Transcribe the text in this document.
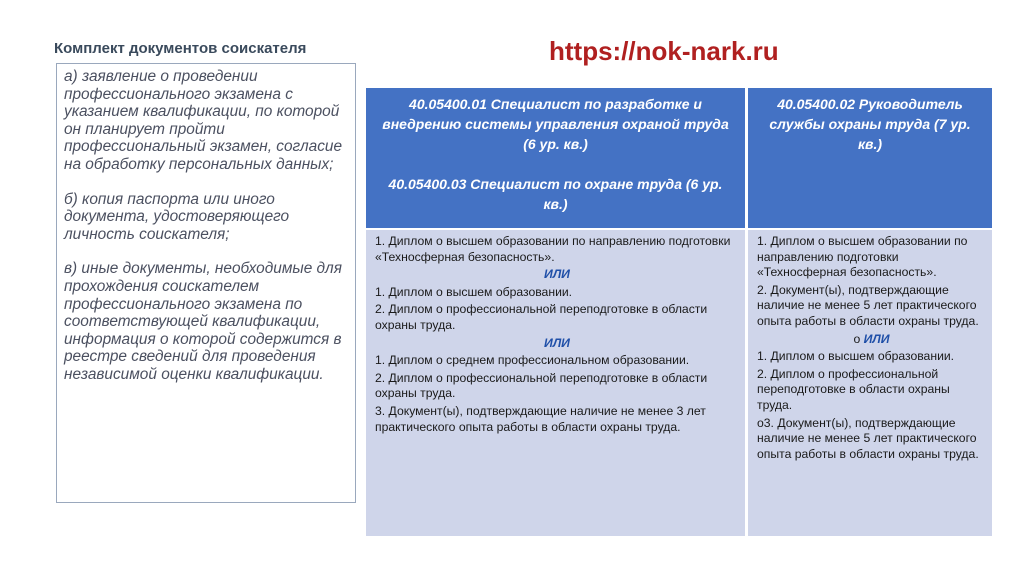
Комплект документов соискателя	https://nok-nark.ru

а) заявление о проведении профессионального экзамена с указанием квалификации, по которой он планирует пройти профессиональный экзамен, согласие на обработку персональных данных;

б) копия паспорта или иного документа, удостоверяющего личность соискателя;

в) иные документы, необходимые для прохождения соискателем профессионального экзамена по соответствующей квалификации, информация о которой содержится в реестре сведений для проведения независимой оценки квалификации.

40.05400.01 Специалист по разработке и внедрению системы управления охраной труда (6 ур. кв.)

40.05400.03 Специалист по охране труда (6 ур. кв.)

40.05400.02 Руководитель службы охраны труда (7 ур. кв.)

1. Диплом о высшем образовании по направлению подготовки «Техносферная безопасность».

ИЛИ

1. Диплом о высшем образовании.

2. Диплом о профессиональной переподготовке в области охраны труда.

ИЛИ

1. Диплом о среднем профессиональном образовании.

2. Диплом о профессиональной переподготовке в области охраны труда.

3. Документ(ы), подтверждающие наличие не менее 3 лет практического опыта работы в области охраны труда.

1. Диплом о высшем образовании по направлению подготовки «Техносферная безопасность».

2. Документ(ы), подтверждающие наличие не менее 5 лет практического опыта работы в области охраны труда.

o ИЛИ

1. Диплом о высшем образовании.

2. Диплом о профессиональной переподготовке в области охраны труда.

o3. Документ(ы), подтверждающие наличие не менее 5 лет практического опыта работы в области охраны труда.
